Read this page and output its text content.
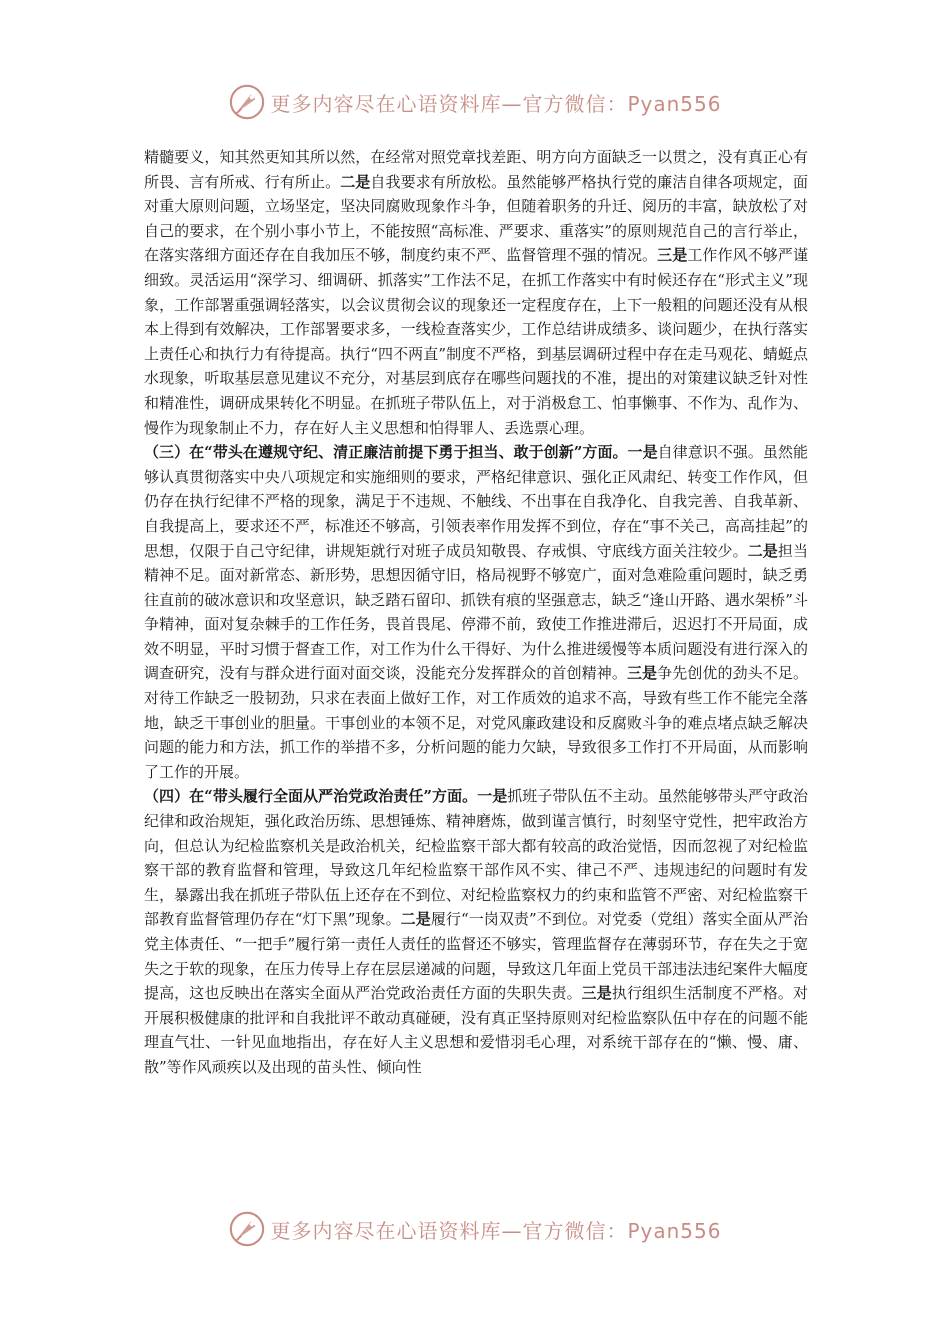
更多内容尽在心语资料库—官方微信：Pyan556

精髓要义，知其然更知其所以然，在经常对照党章找差距、明方向方面缺乏一以贯之，没有真正心有所畏、言有所戒、行有所止。二是自我要求有所放松。虽然能够严格执行党的廉洁自律各项规定，面对重大原则问题，立场坚定，坚决同腐败现象作斗争，但随着职务的升迁、阅历的丰富，缺放松了对自己的要求，在个别小事小节上，不能按照“高标准、严要求、重落实”的原则规范自己的言行举止，在落实落细方面还存在自我加压不够，制度约束不严、监督管理不强的情况。三是工作作风不够严谨细致。灵活运用“深学习、细调研、抓落实”工作法不足，在抓工作落实中有时候还存在“形式主义”现象，工作部署重强调轻落实，以会议贯彻会议的现象还一定程度存在，上下一般粗的问题还没有从根本上得到有效解决，工作部署要求多，一线检查落实少，工作总结讲成绩多、谈问题少，在执行落实上责任心和执行力有待提高。执行“四不两直”制度不严格，到基层调研过程中存在走马观花、蜻蜓点水现象，听取基层意见建议不充分，对基层到底存在哪些问题找的不准，提出的对策建议缺乏针对性和精准性，调研成果转化不明显。在抓班子带队伍上，对于消极怠工、怕事懒事、不作为、乱作为、慢作为现象制止不力，存在好人主义思想和怕得罪人、丢选票心理。

（三）在“带头在遵规守纪、清正廉洁前提下勇于担当、敢于创新”方面。一是自律意识不强。虽然能够认真贯彻落实中央八项规定和实施细则的要求，严格纪律意识、强化正风肃纪、转变工作作风，但仍存在执行纪律不严格的现象，满足于不违规、不触线、不出事在自我净化、自我完善、自我革新、自我提高上，要求还不严，标准还不够高，引领表率作用发挥不到位，存在“事不关己，高高挂起”的思想，仅限于自己守纪律，讲规矩就行对班子成员知敬畏、存戒惧、守底线方面关注较少。二是担当精神不足。面对新常态、新形势，思想因循守旧，格局视野不够宽广，面对急难险重问题时，缺乏勇往直前的破冰意识和攻坚意识，缺乏踏石留印、抓铁有痕的坚强意志，缺乏“逢山开路、遇水架桥”斗争精神，面对复杂棘手的工作任务，畏首畏尾、停滞不前，致使工作推进滞后，迟迟打不开局面，成效不明显，平时习惯于督查工作，对工作为什么干得好、为什么推进缓慢等本质问题没有进行深入的调查研究，没有与群众进行面对面交谈，没能充分发挥群众的首创精神。三是争先创优的劲头不足。对待工作缺乏一股韧劲，只求在表面上做好工作，对工作质效的追求不高，导致有些工作不能完全落地，缺乏干事创业的胆量。干事创业的本领不足，对党风廉政建设和反腐败斗争的难点堵点缺乏解决问题的能力和方法，抓工作的举措不多，分析问题的能力欠缺，导致很多工作打不开局面，从而影响了工作的开展。

（四）在“带头履行全面从严治党政治责任”方面。一是抓班子带队伍不主动。虽然能够带头严守政治纪律和政治规矩，强化政治历练、思想锤炼、精神磨炼，做到谨言慎行，时刻坚守党性，把牢政治方向，但总认为纪检监察机关是政治机关，纪检监察干部大都有较高的政治觉悟，因而忽视了对纪检监察干部的教育监督和管理，导致这几年纪检监察干部作风不实、律己不严、违规违纪的问题时有发生，暴露出我在抓班子带队伍上还存在不到位、对纪检监察权力的约束和监管不严密、对纪检监察干部教育监督管理仍存在“灯下黑”现象。二是履行“一岗双责”不到位。对党委（党组）落实全面从严治党主体责任、“一把手”履行第一责任人责任的监督还不够实，管理监督存在薄弱环节，存在失之于宽失之于软的现象，在压力传导上存在层层递减的问题，导致这几年面上党员干部违法违纪案件大幅度提高，这也反映出在落实全面从严治党政治责任方面的失职失责。三是执行组织生活制度不严格。对开展积极健康的批评和自我批评不敢动真碰硬，没有真正坚持原则对纪检监察队伍中存在的问题不能理直气壮、一针见血地指出，存在好人主义思想和爱惜羽毛心理，对系统干部存在的“懒、慢、庸、散”等作风顽疾以及出现的苗头性、倾向性

更多内容尽在心语资料库—官方微信：Pyan556
